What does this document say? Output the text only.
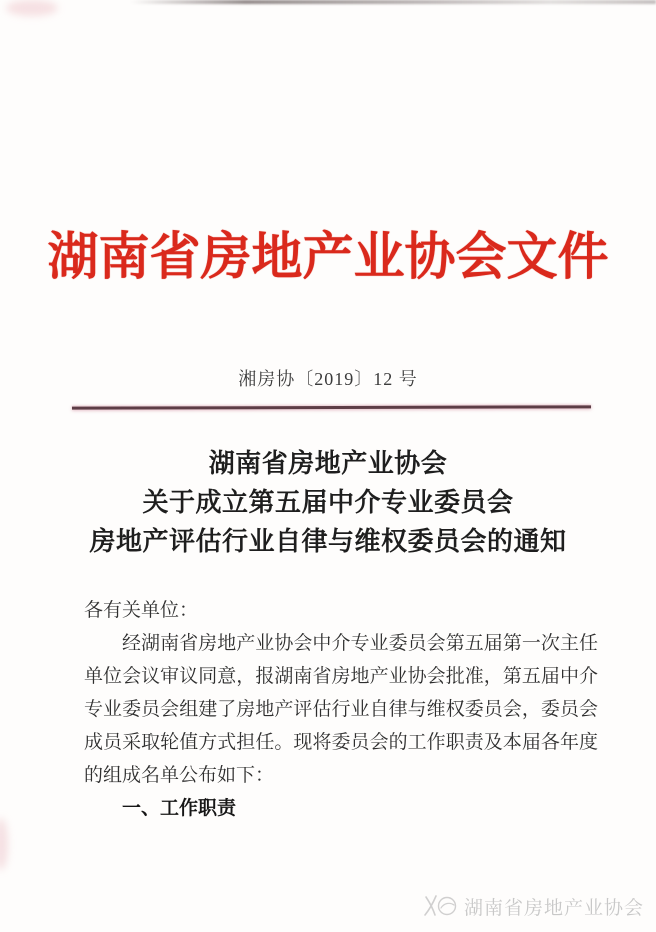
湖南省房地产业协会文件
湘房协〔2019〕12 号
湖南省房地产业协会
关于成立第五届中介专业委员会
房地产评估行业自律与维权委员会的通知

各有关单位：

经湖南省房地产业协会中介专业委员会第五届第一次主任单位会议审议同意，报湖南省房地产业协会批准，第五届中介专业委员会组建了房地产评估行业自律与维权委员会，委员会成员采取轮值方式担任。现将委员会的工作职责及本届各年度的组成名单公布如下：

一、工作职责

湖南省房地产业协会
